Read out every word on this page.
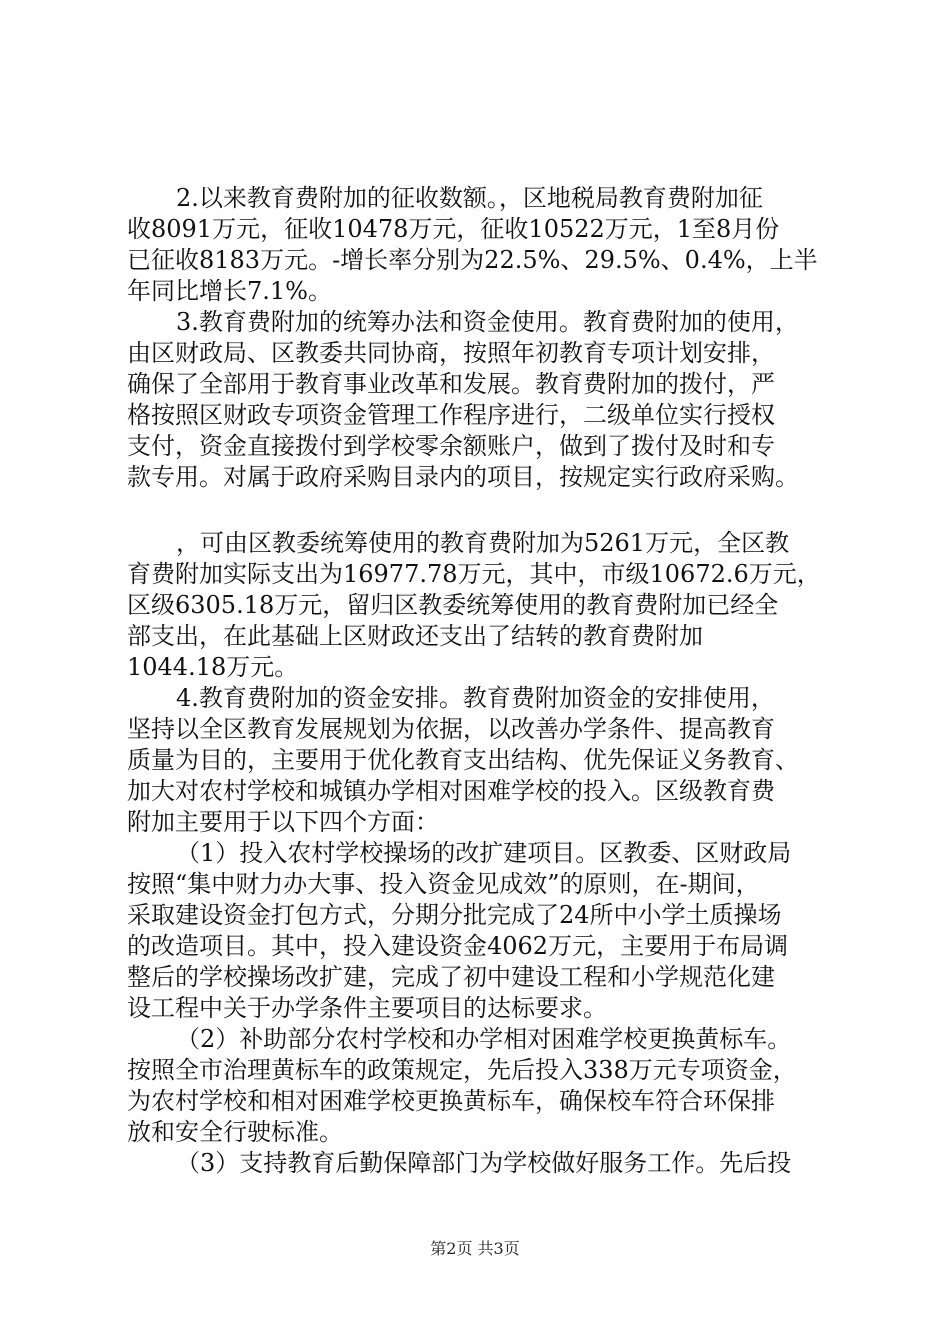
2.以来教育费附加的征收数额。，区地税局教育费附加征
收8091万元，征收10478万元，征收10522万元，1至8月份
已征收8183万元。-增长率分别为22.5%、29.5%、0.4%，上半
年同比增长7.1%。
3.教育费附加的统筹办法和资金使用。教育费附加的使用，
由区财政局、区教委共同协商，按照年初教育专项计划安排，
确保了全部用于教育事业改革和发展。教育费附加的拨付，严
格按照区财政专项资金管理工作程序进行，二级单位实行授权
支付，资金直接拨付到学校零余额账户，做到了拨付及时和专
款专用。对属于政府采购目录内的项目，按规定实行政府采购。
，可由区教委统筹使用的教育费附加为5261万元，全区教
育费附加实际支出为16977.78万元，其中，市级10672.6万元，
区级6305.18万元，留归区教委统筹使用的教育费附加已经全
部支出，在此基础上区财政还支出了结转的教育费附加
1044.18万元。
4.教育费附加的资金安排。教育费附加资金的安排使用，
坚持以全区教育发展规划为依据，以改善办学条件、提高教育
质量为目的，主要用于优化教育支出结构、优先保证义务教育、
加大对农村学校和城镇办学相对困难学校的投入。区级教育费
附加主要用于以下四个方面：
（1）投入农村学校操场的改扩建项目。区教委、区财政局
按照“集中财力办大事、投入资金见成效”的原则，在-期间，
采取建设资金打包方式，分期分批完成了24所中小学土质操场
的改造项目。其中，投入建设资金4062万元，主要用于布局调
整后的学校操场改扩建，完成了初中建设工程和小学规范化建
设工程中关于办学条件主要项目的达标要求。
（2）补助部分农村学校和办学相对困难学校更换黄标车。
按照全市治理黄标车的政策规定，先后投入338万元专项资金，
为农村学校和相对困难学校更换黄标车，确保校车符合环保排
放和安全行驶标准。
（3）支持教育后勤保障部门为学校做好服务工作。先后投
第2页 共3页
